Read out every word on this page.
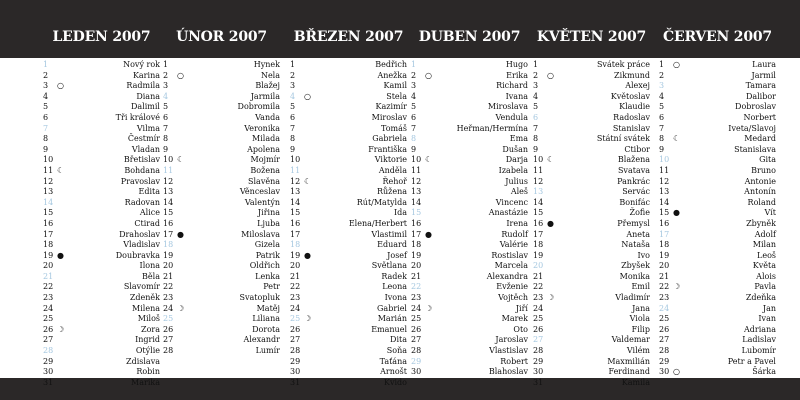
LEDEN 2007
1	Nový rok
2	Karina
3 ○	Radmila
4	Diana
5	Dalimil
6	Tři králové
7	Vilma
8	Čestmír
9	Vladan
10	Břetislav
11 ☾	Bohdana
12	Pravoslav
13	Edita
14	Radovan
15	Alice
16	Ctirad
17	Drahoslav
18	Vladislav
19 ●	Doubravka
20	Ilona
21	Běla
22	Slavomír
23	Zdeněk
24	Milena
25	Miloš
26 ☽	Zora
27	Ingrid
28	Otýlie
29	Zdislava
30	Robin
31	Marika
ÚNOR 2007
1	Hynek
2 ○	Nela
3	Blažej
4	Jarmila
5	Dobromila
6	Vanda
7	Veronika
8	Milada
9	Apolena
10 ☾	Mojmír
11	Božena
12	Slavěna
13	Věnceslav
14	Valentýn
15	Jiřina
16	Ljuba
17 ●	Miloslava
18	Gizela
19	Patrik
20	Oldřich
21	Lenka
22	Petr
23	Svatopluk
24 ☽	Matěj
25	Liliana
26	Dorota
27	Alexandr
28	Lumír
BŘEZEN 2007
1	Bedřich
2	Anežka
3	Kamil
4 ○	Stela
5	Kazimír
6	Miroslav
7	Tomáš
8	Gabriela
9	Františka
10	Viktorie
11	Anděla
12 ☾	Řehoř
13	Růžena
14	Rút/Matylda
15	Ida
16	Elena/Herbert
17	Vlastimil
18	Eduard
19 ●	Josef
20	Světlana
21	Radek
22	Leona
23	Ivona
24	Gabriel
25 ☽	Marián
26	Emanuel
27	Dita
28	Soňa
29	Taťána
30	Arnošt
31	Kvido
DUBEN 2007
1	Hugo
2 ○	Erika
3	Richard
4	Ivana
5	Miroslava
6	Vendula
7	Heřman/Hermína
8	Ema
9	Dušan
10 ☾	Darja
11	Izabela
12	Julius
13	Aleš
14	Vincenc
15	Anastázie
16	Irena
17 ●	Rudolf
18	Valérie
19	Rostislav
20	Marcela
21	Alexandra
22	Evženie
23	Vojtěch
24 ☽	Jiří
25	Marek
26	Oto
27	Jaroslav
28	Vlastislav
29	Robert
30	Blahoslav
KVĚTEN 2007
1	Svátek práce
2 ○	Zikmund
3	Alexej
4	Květoslav
5	Klaudie
6	Radoslav
7	Stanislav
8	Státní svátek
9	Ctibor
10 ☾	Blažena
11	Svatava
12	Pankrác
13	Servác
14	Bonifác
15	Žofie
16 ●	Přemysl
17	Aneta
18	Nataša
19	Ivo
20	Zbyšek
21	Monika
22	Emil
23 ☽	Vladimír
24	Jana
25	Viola
26	Filip
27	Valdemar
28	Vilém
29	Maxmilián
30	Ferdinand
31	Kamila
ČERVEN 2007
1 ○	Laura
2	Jarmil
3	Tamara
4	Dalibor
5	Dobroslav
6	Norbert
7	Iveta/Slavoj
8 ☾	Medard
9	Stanislava
10	Gita
11	Bruno
12	Antonie
13	Antonín
14	Roland
15 ●	Vít
16	Zbyněk
17	Adolf
18	Milan
19	Leoš
20	Květa
21	Alois
22 ☽	Pavla
23	Zdeňka
24	Jan
25	Ivan
26	Adriana
27	Ladislav
28	Lubomír
29	Petr a Pavel
30 ○	Šárka
